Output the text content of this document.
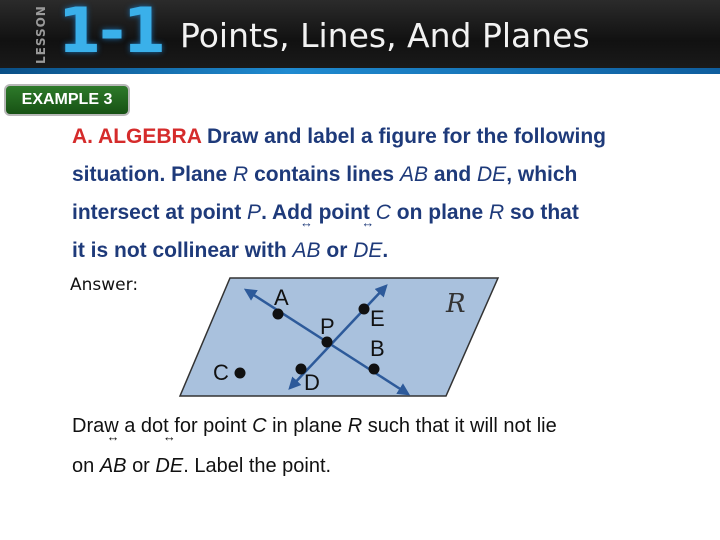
LESSON 1-1 Points, Lines, And Planes
EXAMPLE 3
A. ALGEBRA Draw and label a figure for the following
situation. Plane R contains lines AB and DE, which
intersect at point P. Add point C on plane R so that
it is not collinear with ↔ AB or ↔ DE.
Answer:	A
P E
B
D
C
R
Draw a dot for point C in plane R such that it will not lie
on ↔ AB or ↔ DE. Label the point.
